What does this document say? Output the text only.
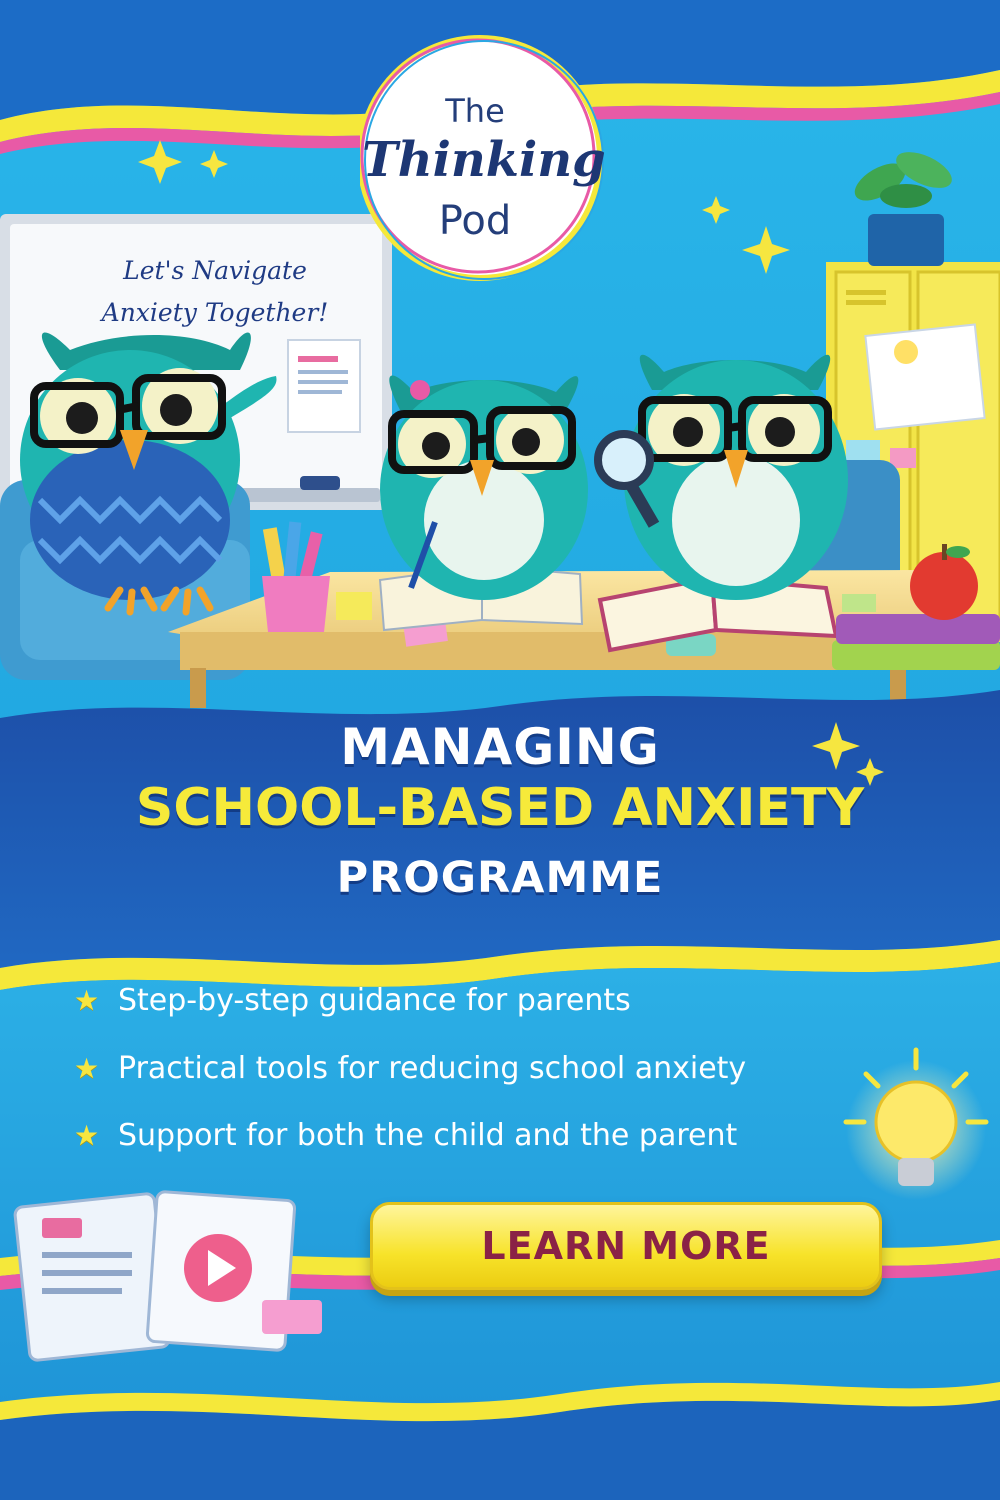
The
Thinking
Pod
Let's Navigate
Anxiety Together!
MANAGING
SCHOOL-BASED ANXIETY
PROGRAMME
★ Step-by-step guidance for parents
★ Practical tools for reducing school anxiety
★ Support for both the child and the parent
LEARN MORE
